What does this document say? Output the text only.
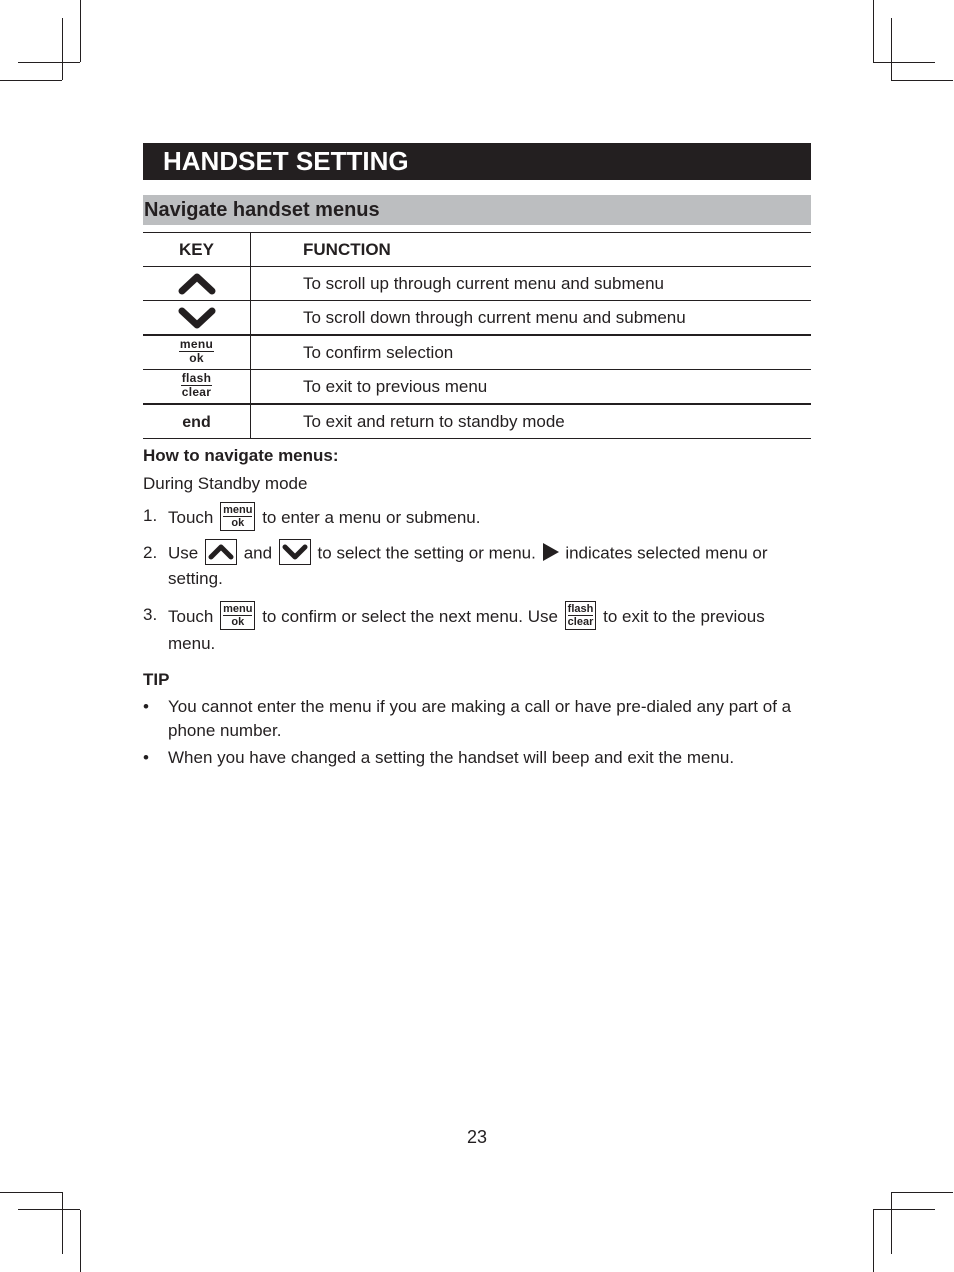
HANDSET SETTING
Navigate handset menus
KEY	FUNCTION

	To scroll up through current menu and submenu

	To scroll down through current menu and submenu

menu
ok	To confirm selection

flash
clear	To exit to previous menu
end	To exit and return to standby mode
How to navigate menus:
During Standby mode
1. Touch menu
ok	to enter a menu or submenu.
2. Use	and	to select the setting or menu. indicates selected menu or setting.
3. Touch menu
ok	to confirm or select the next menu. Use flash
clear to exit to the previous menu.
TIP
• You cannot enter the menu if you are making a call or have pre-dialed any part of a phone number.
• When you have changed a setting the handset will beep and exit the menu.
23
